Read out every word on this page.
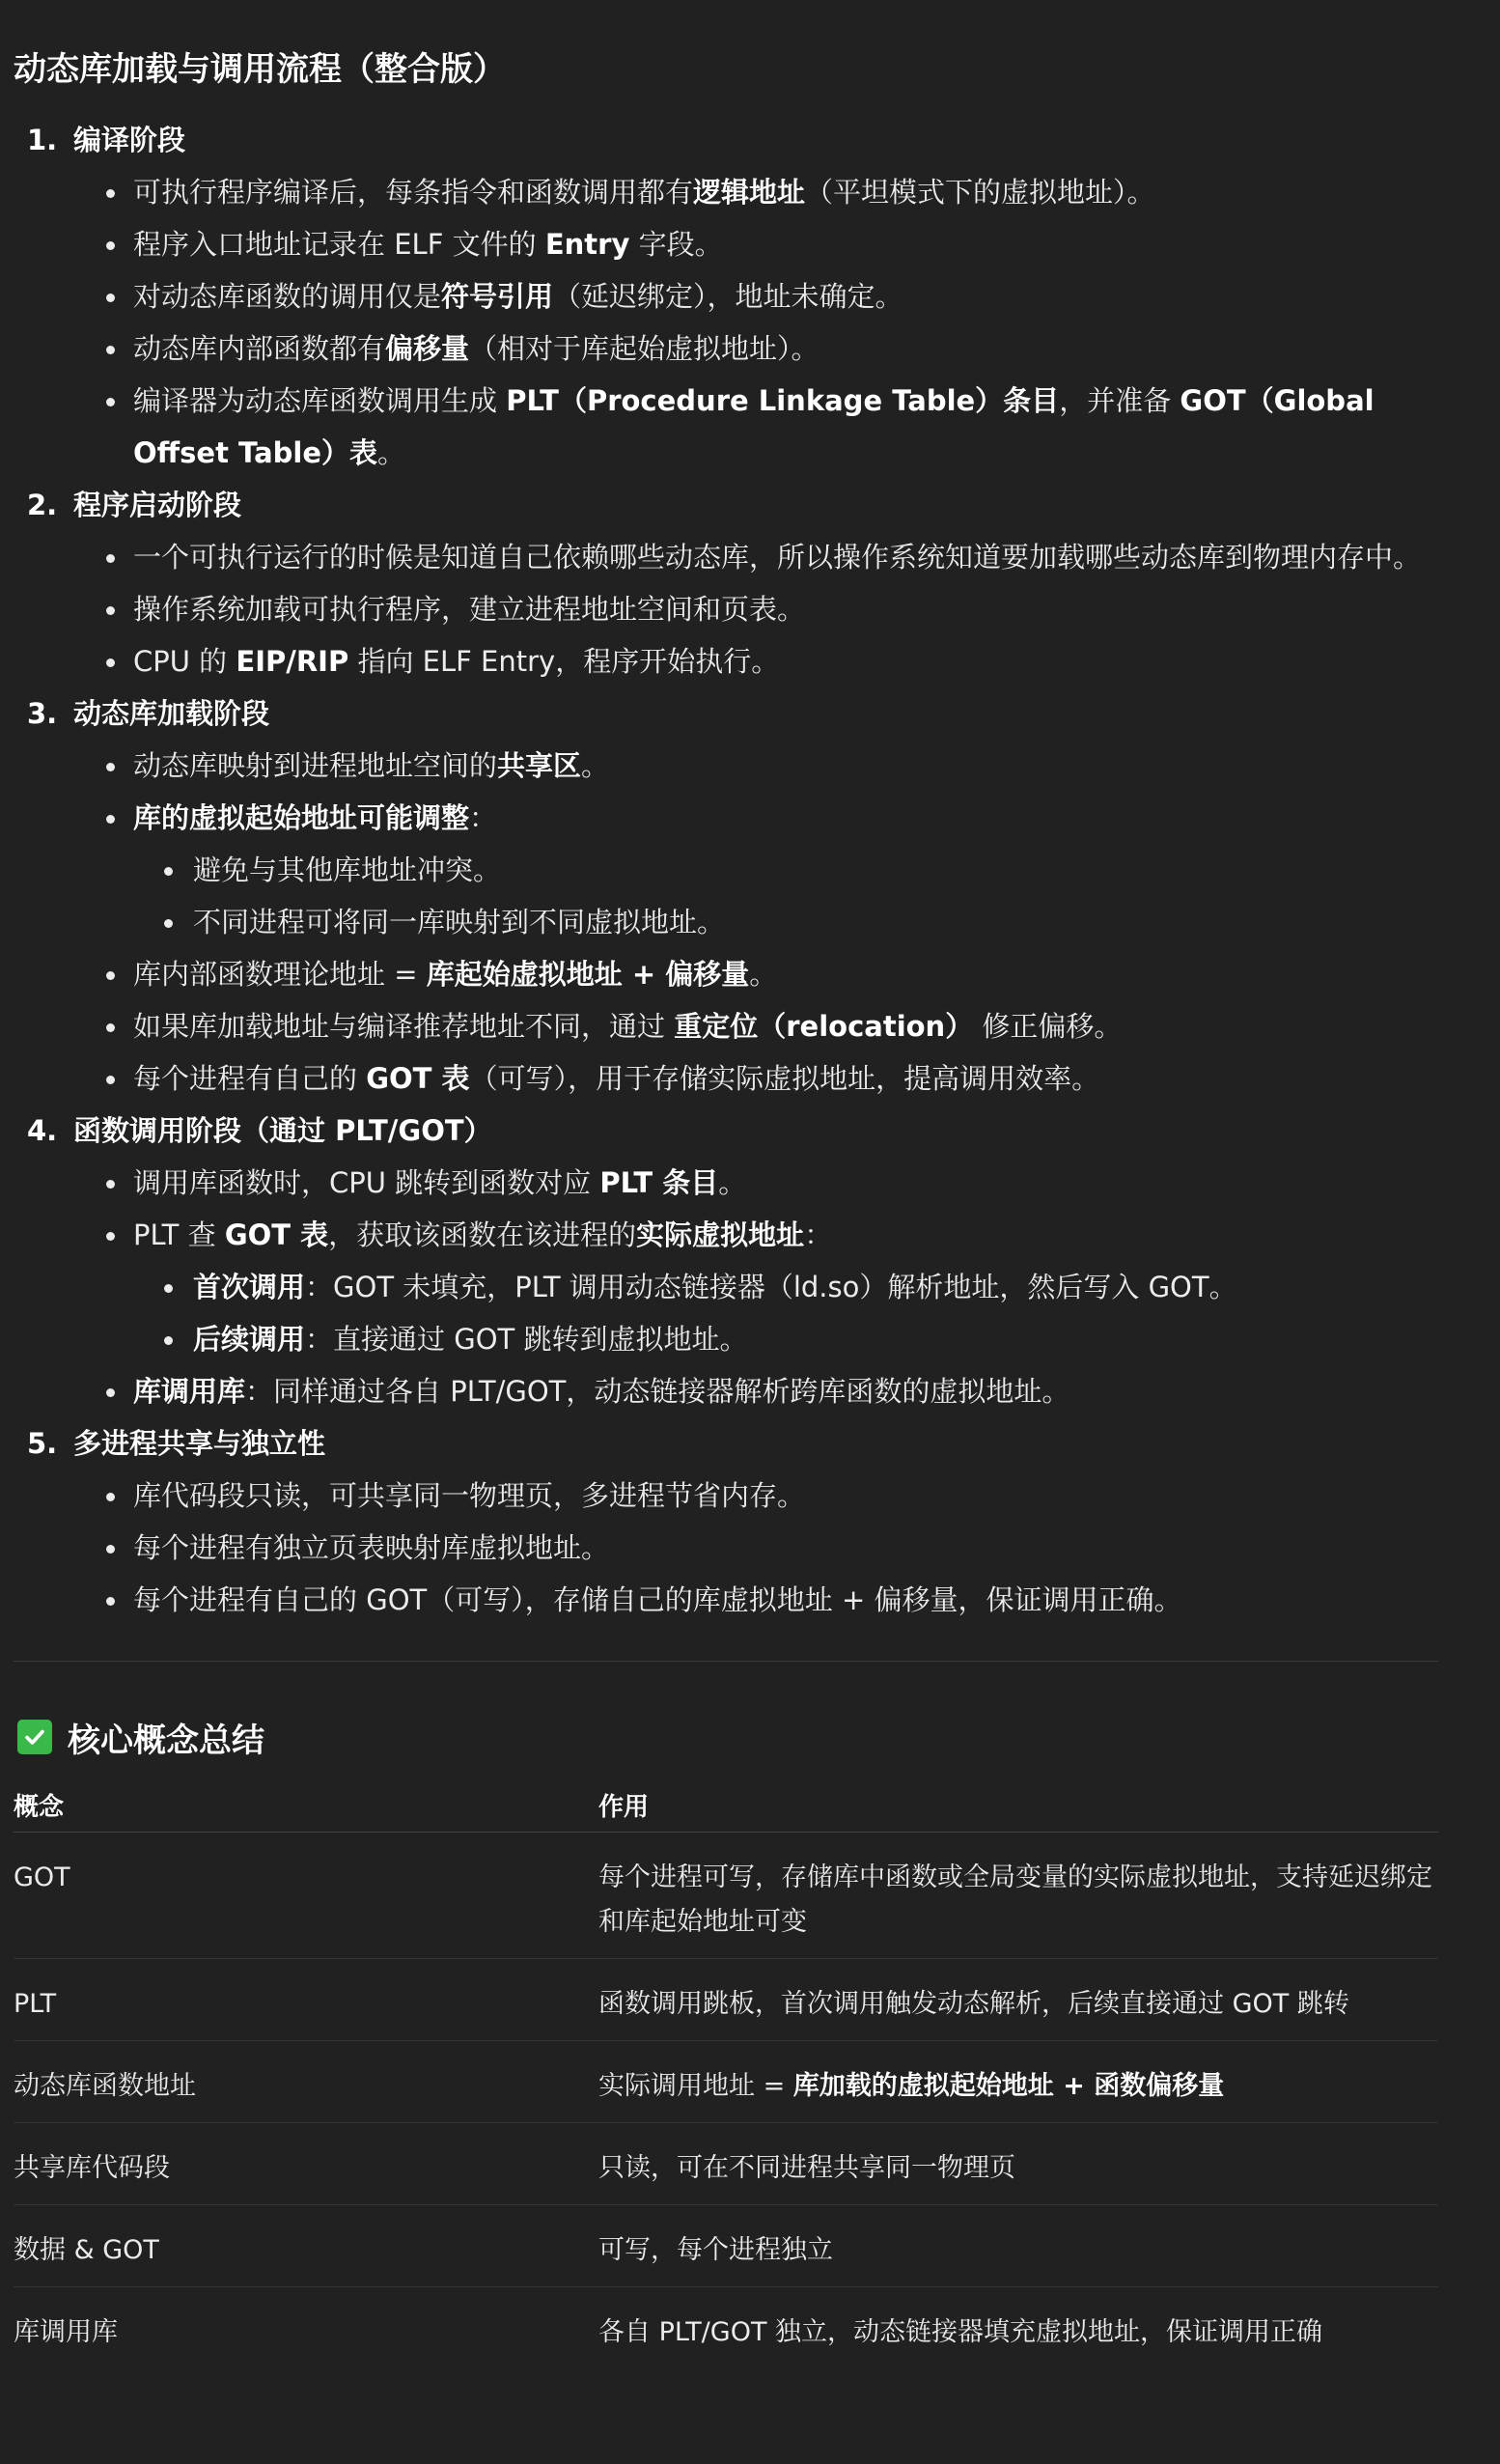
动态库加载与调用流程（整合版）
1. 编译阶段
可执行程序编译后，每条指令和函数调用都有逻辑地址（平坦模式下的虚拟地址）。
程序入口地址记录在 ELF 文件的 Entry 字段。
对动态库函数的调用仅是符号引用（延迟绑定），地址未确定。
动态库内部函数都有偏移量（相对于库起始虚拟地址）。
编译器为动态库函数调用生成 PLT（Procedure Linkage Table）条目，并准备 GOT（Global Offset Table）表。
2. 程序启动阶段
一个可执行运行的时候是知道自己依赖哪些动态库，所以操作系统知道要加载哪些动态库到物理内存中。
操作系统加载可执行程序，建立进程地址空间和页表。
CPU 的 EIP/RIP 指向 ELF Entry，程序开始执行。
3. 动态库加载阶段
动态库映射到进程地址空间的共享区。
库的虚拟起始地址可能调整：
避免与其他库地址冲突。
不同进程可将同一库映射到不同虚拟地址。
库内部函数理论地址 = 库起始虚拟地址 + 偏移量。
如果库加载地址与编译推荐地址不同，通过 重定位（relocation） 修正偏移。
每个进程有自己的 GOT 表（可写），用于存储实际虚拟地址，提高调用效率。
4. 函数调用阶段（通过 PLT/GOT）
调用库函数时，CPU 跳转到函数对应 PLT 条目。
PLT 查 GOT 表，获取该函数在该进程的实际虚拟地址：
首次调用：GOT 未填充，PLT 调用动态链接器（ld.so）解析地址，然后写入 GOT。
后续调用：直接通过 GOT 跳转到虚拟地址。
库调用库：同样通过各自 PLT/GOT，动态链接器解析跨库函数的虚拟地址。
5. 多进程共享与独立性
库代码段只读，可共享同一物理页，多进程节省内存。
每个进程有独立页表映射库虚拟地址。
每个进程有自己的 GOT（可写），存储自己的库虚拟地址 + 偏移量，保证调用正确。
核心概念总结
概念	作用
GOT	每个进程可写，存储库中函数或全局变量的实际虚拟地址，支持延迟绑定和库起始地址可变
PLT	函数调用跳板，首次调用触发动态解析，后续直接通过 GOT 跳转
动态库函数地址	实际调用地址 = 库加载的虚拟起始地址 + 函数偏移量
共享库代码段	只读，可在不同进程共享同一物理页
数据 & GOT	可写，每个进程独立
库调用库	各自 PLT/GOT 独立，动态链接器填充虚拟地址，保证调用正确
